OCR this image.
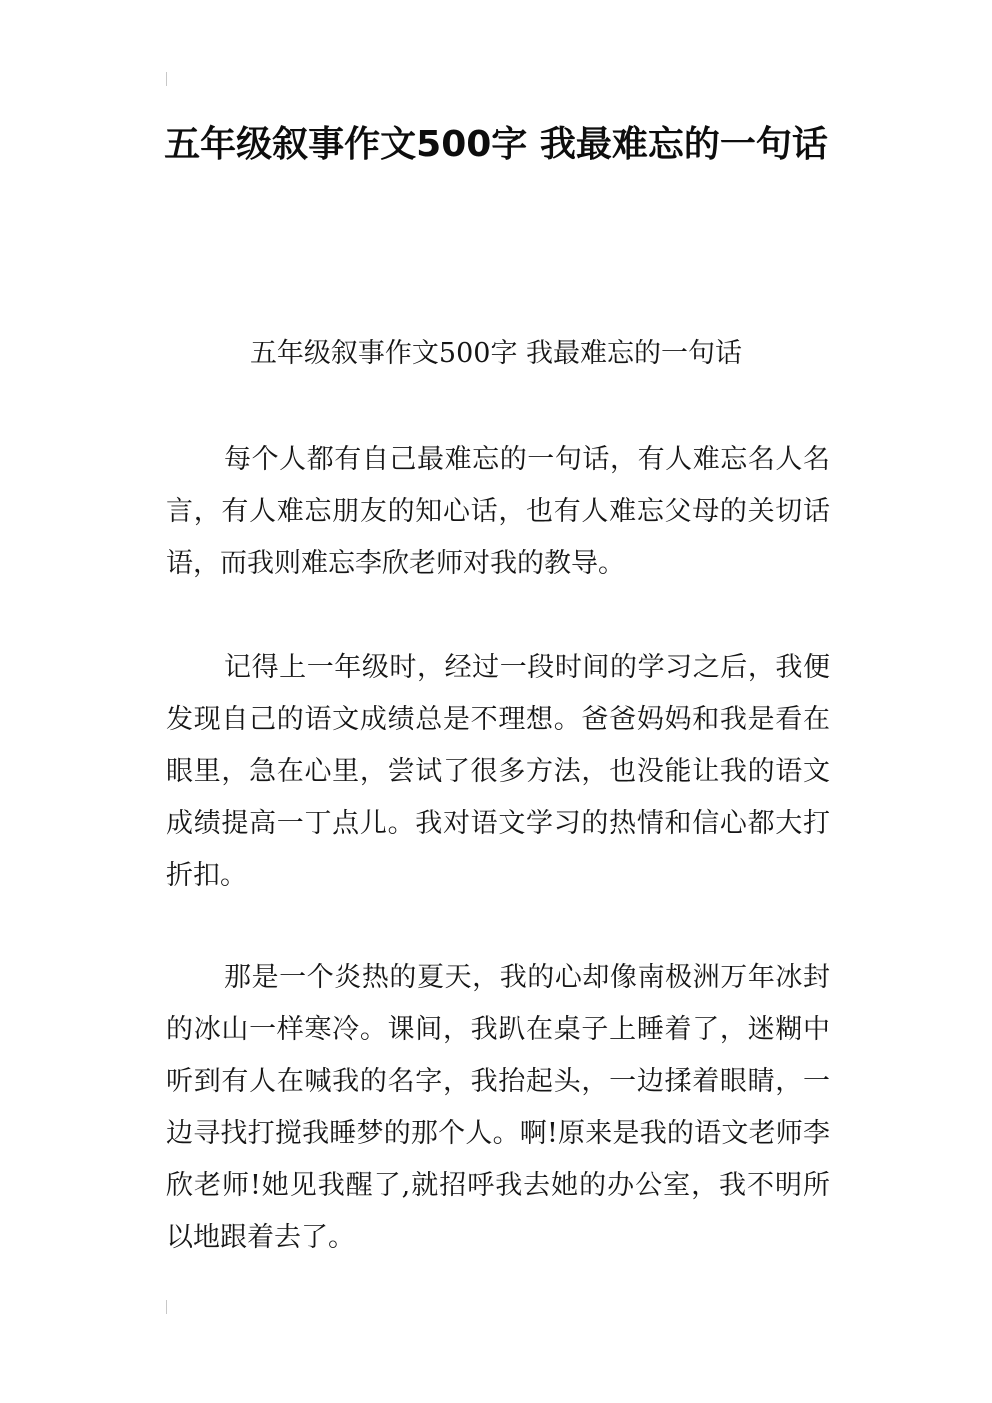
五年级叙事作文500字 我最难忘的一句话

五年级叙事作文500字 我最难忘的一句话

每个人都有自己最难忘的一句话，有人难忘名人名言，有人难忘朋友的知心话，也有人难忘父母的关切话语，而我则难忘李欣老师对我的教导。

记得上一年级时，经过一段时间的学习之后，我便发现自己的语文成绩总是不理想。爸爸妈妈和我是看在眼里，急在心里，尝试了很多方法，也没能让我的语文成绩提高一丁点儿。我对语文学习的热情和信心都大打折扣。

那是一个炎热的夏天，我的心却像南极洲万年冰封的冰山一样寒冷。课间，我趴在桌子上睡着了，迷糊中听到有人在喊我的名字，我抬起头，一边揉着眼睛，一边寻找打搅我睡梦的那个人。啊!原来是我的语文老师李欣老师!她见我醒了,就招呼我去她的办公室，我不明所以地跟着去了。
